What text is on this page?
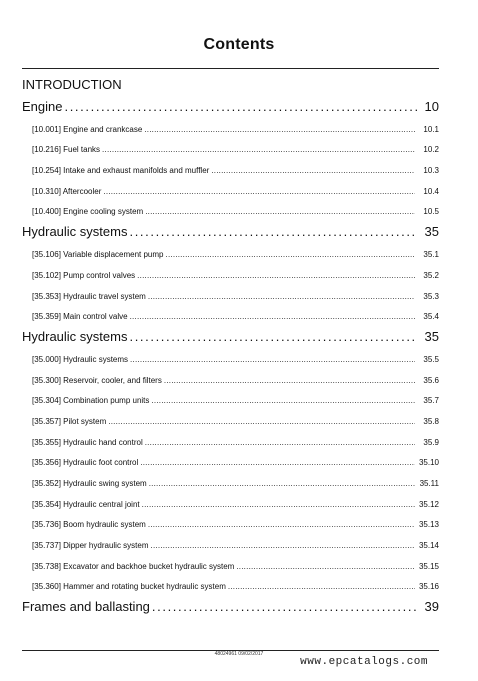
Contents
INTRODUCTION
Engine . . .	10
[10.001] Engine and crankcase . . .	10.1
[10.216] Fuel tanks . . .	10.2
[10.254] Intake and exhaust manifolds and muffler . . .	10.3
[10.310] Aftercooler . . .	10.4
[10.400] Engine cooling system . . .	10.5
Hydraulic systems . . .	35
[35.106] Variable displacement pump . . .	35.1
[35.102] Pump control valves . . .	35.2
[35.353] Hydraulic travel system . . .	35.3
[35.359] Main control valve . . .	35.4
Hydraulic systems . . .	35
[35.000] Hydraulic systems . . .	35.5
[35.300] Reservoir, cooler, and filters . . .	35.6
[35.304] Combination pump units . . .	35.7
[35.357] Pilot system . . .	35.8
[35.355] Hydraulic hand control . . .	35.9
[35.356] Hydraulic foot control . . .	35.10
[35.352] Hydraulic swing system . . .	35.11
[35.354] Hydraulic central joint . . .	35.12
[35.736] Boom hydraulic system . . .	35.13
[35.737] Dipper hydraulic system . . .	35.14
[35.738] Excavator and backhoe bucket hydraulic system . . .	35.15
[35.360] Hammer and rotating bucket hydraulic system . . .	35.16
Frames and ballasting . . .	39
48024961 09/02/2017
www.epcatalogs.com
